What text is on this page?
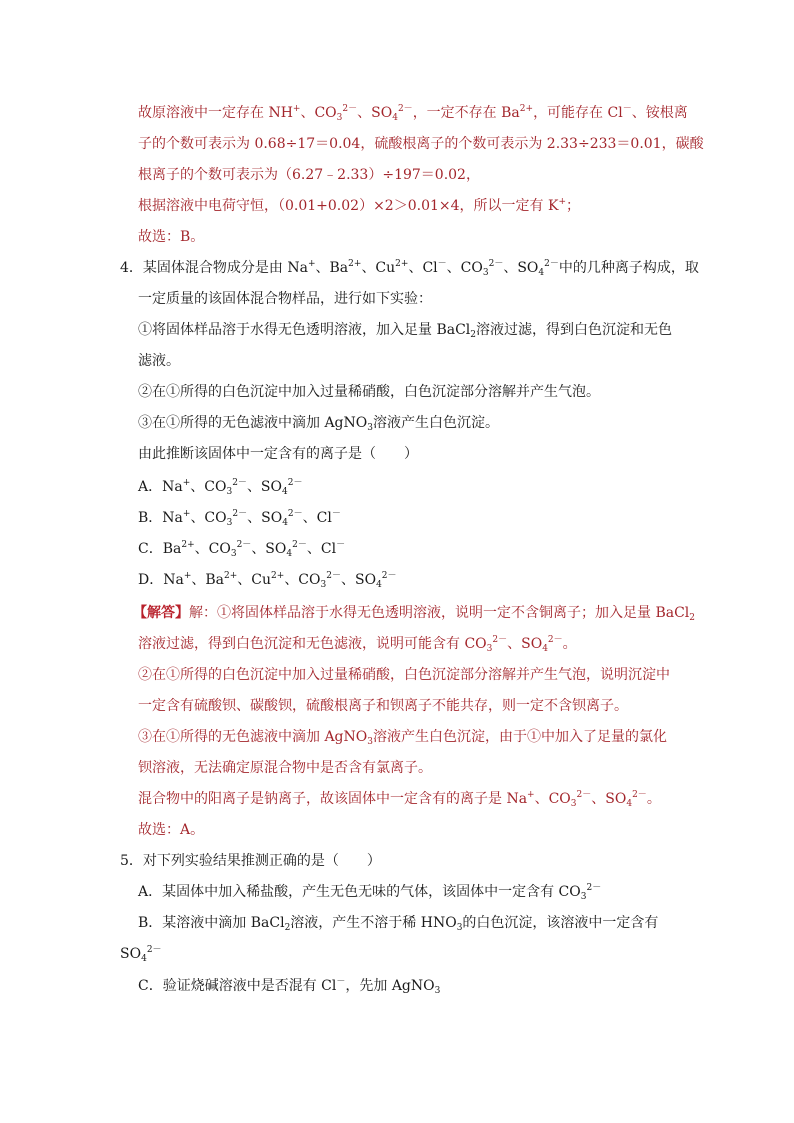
故原溶液中一定存在 NH+、$CO_3^{2-}$、$SO_4^{2-}$，一定不存在 $Ba^{2+}$，可能存在 Cl－、铵根离
子的个数可表示为 0.68÷17＝0.04，硫酸根离子的个数可表示为 2.33÷233＝0.01，碳酸
根离子的个数可表示为（6.27﹣2.33）÷197＝0.02，
根据溶液中电荷守恒，（0.01+0.02）×2＞0.01×4，所以一定有 K+；
故选：B。
4．某固体混合物成分是由 Na+、$Ba^{2+}$、$Cu^{2+}$、Cl－、$CO_3^{2-}$、$SO_4^{2-}$中的几种离子构成，取
一定质量的该固体混合物样品，进行如下实验：
①将固体样品溶于水得无色透明溶液，加入足量 BaCl$_2$溶液过滤，得到白色沉淀和无色
滤液。
②在①所得的白色沉淀中加入过量稀硝酸，白色沉淀部分溶解并产生气泡。
③在①所得的无色滤液中滴加 AgNO$_3$溶液产生白色沉淀。
由此推断该固体中一定含有的离子是（　　）
A．Na+、$CO_3^{2-}$、$SO_4^{2-}$
B．Na+、$CO_3^{2-}$、$SO_4^{2-}$、Cl－
C．$Ba^{2+}$、$CO_3^{2-}$、$SO_4^{2-}$、Cl－
D．Na+、$Ba^{2+}$、$Cu^{2+}$、$CO_3^{2-}$、$SO_4^{2-}$
【解答】解：①将固体样品溶于水得无色透明溶液，说明一定不含铜离子；加入足量 BaCl$_2$
溶液过滤，得到白色沉淀和无色滤液，说明可能含有 $CO_3^{2-}$、$SO_4^{2-}$。
②在①所得的白色沉淀中加入过量稀硝酸，白色沉淀部分溶解并产生气泡，说明沉淀中
一定含有硫酸钡、碳酸钡，硫酸根离子和钡离子不能共存，则一定不含钡离子。
③在①所得的无色滤液中滴加 AgNO$_3$溶液产生白色沉淀，由于①中加入了足量的氯化
钡溶液，无法确定原混合物中是否含有氯离子。
混合物中的阳离子是钠离子，故该固体中一定含有的离子是 Na+、$CO_3^{2-}$、$SO_4^{2-}$。
故选：A。
5．对下列实验结果推测正确的是（　　）
A．某固体中加入稀盐酸，产生无色无味的气体，该固体中一定含有 $CO_3^{2-}$
B．某溶液中滴加 BaCl$_2$溶液，产生不溶于稀 $HNO_3$的白色沉淀，该溶液中一定含有
$SO_4^{2-}$
C．验证烧碱溶液中是否混有 Cl－，先加 AgNO$_3$
